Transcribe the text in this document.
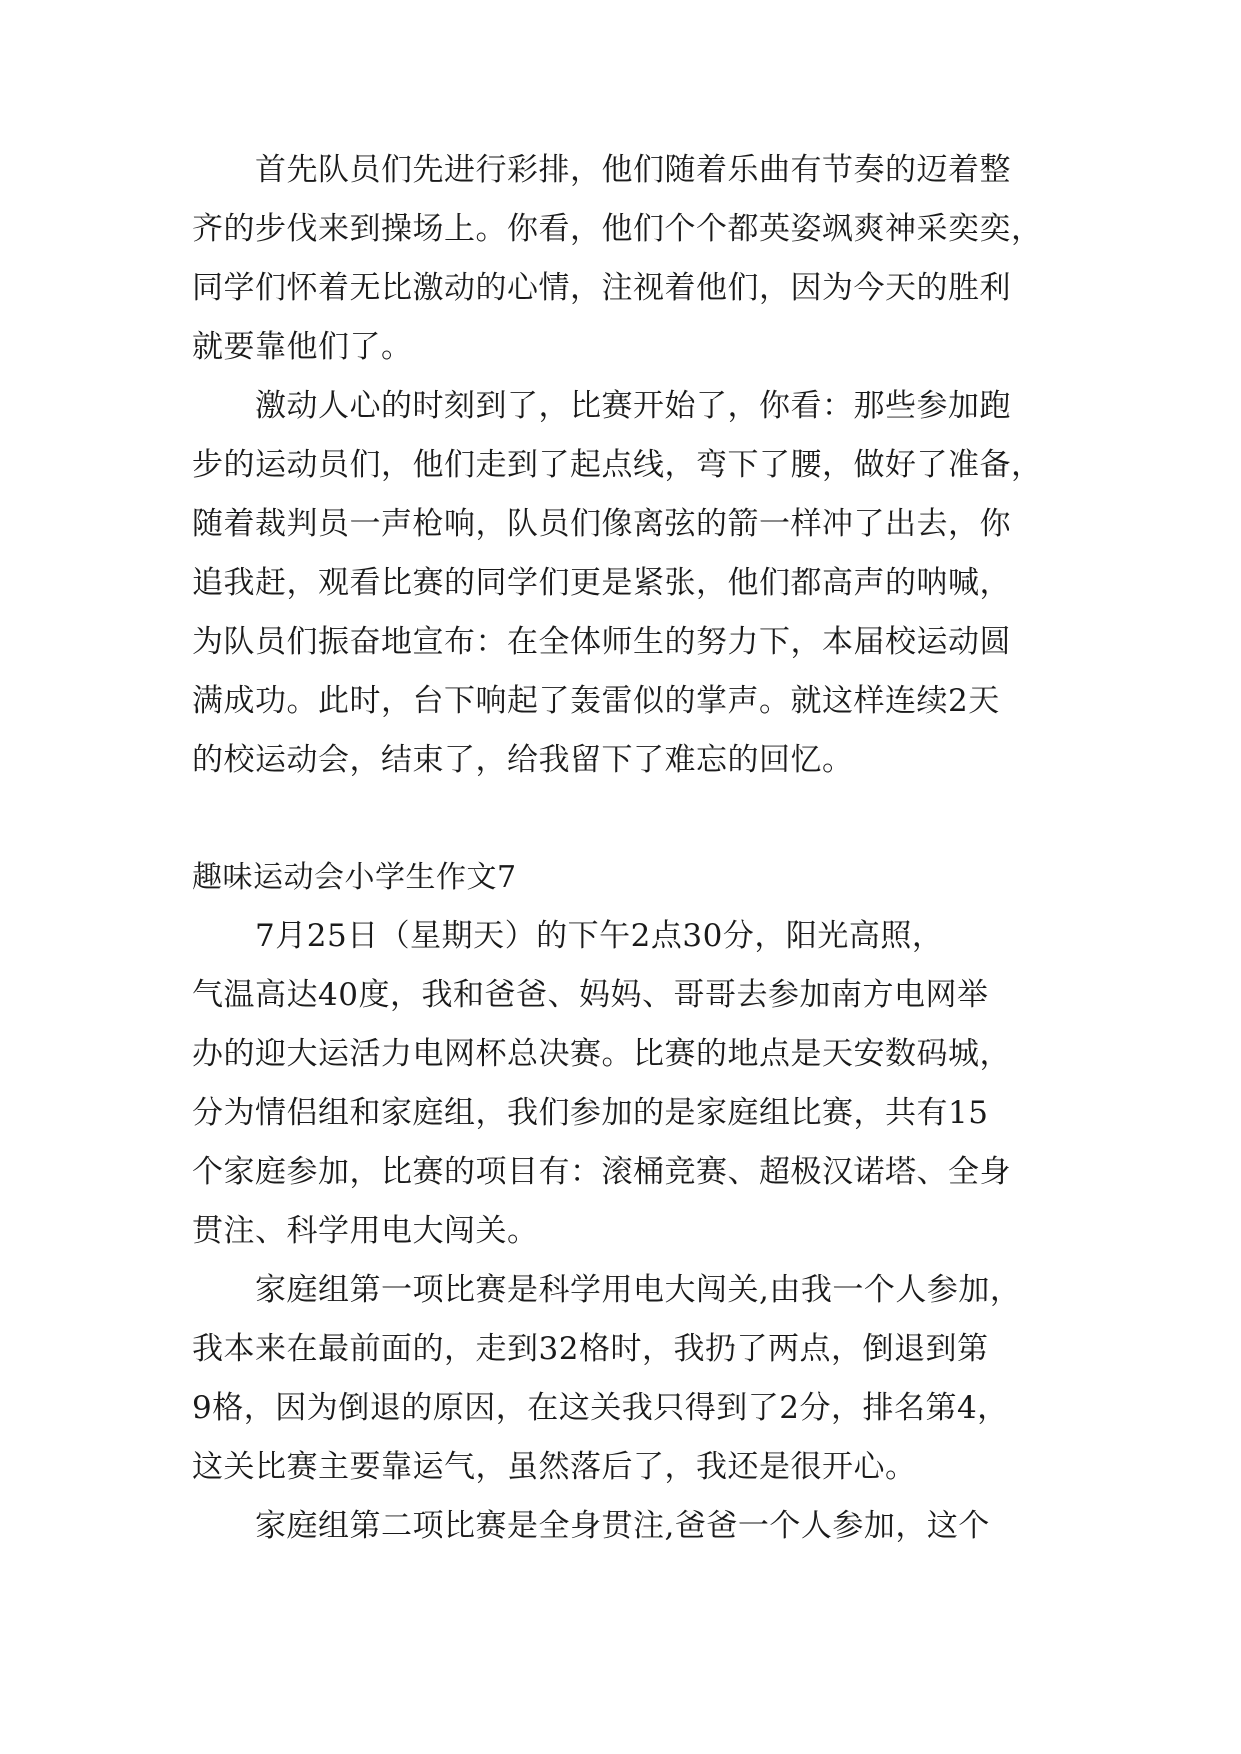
首先队员们先进行彩排，他们随着乐曲有节奏的迈着整
齐的步伐来到操场上。你看，他们个个都英姿飒爽神采奕奕，
同学们怀着无比激动的心情，注视着他们，因为今天的胜利
就要靠他们了。
激动人心的时刻到了，比赛开始了，你看：那些参加跑
步的运动员们，他们走到了起点线，弯下了腰，做好了准备，
随着裁判员一声枪响，队员们像离弦的箭一样冲了出去，你
追我赶，观看比赛的同学们更是紧张，他们都高声的呐喊，
为队员们振奋地宣布：在全体师生的努力下，本届校运动圆
满成功。此时，台下响起了轰雷似的掌声。就这样连续2天
的校运动会，结束了，给我留下了难忘的回忆。
趣味运动会小学生作文7
7月25日（星期天）的下午2点30分，阳光高照，
气温高达40度，我和爸爸、妈妈、哥哥去参加南方电网举
办的迎大运活力电网杯总决赛。比赛的地点是天安数码城，
分为情侣组和家庭组，我们参加的是家庭组比赛，共有15
个家庭参加，比赛的项目有：滚桶竞赛、超极汉诺塔、全身
贯注、科学用电大闯关。
家庭组第一项比赛是科学用电大闯关,由我一个人参加，
我本来在最前面的，走到32格时，我扔了两点，倒退到第
9格，因为倒退的原因，在这关我只得到了2分，排名第4，
这关比赛主要靠运气，虽然落后了，我还是很开心。
家庭组第二项比赛是全身贯注,爸爸一个人参加，这个
